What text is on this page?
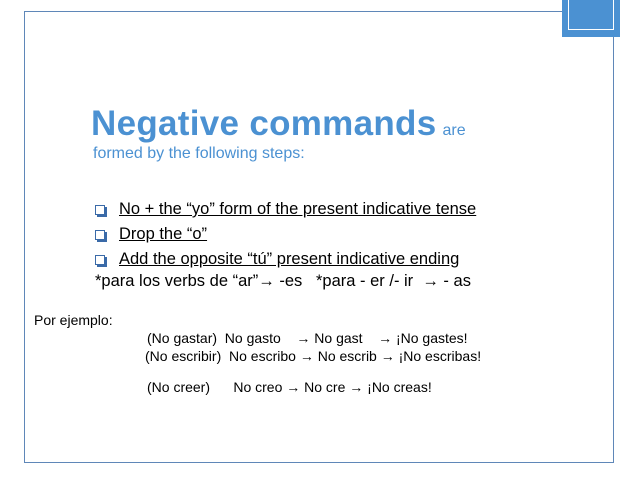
Negative commands are
formed by the following steps:
No + the “yo” form of the present indicative tense
Drop the “o”
Add the opposite “tú” present indicative ending
*para los verbs de “ar”→ -es   *para - er /- ir  → - as
Por ejemplo:
(No gastar)  No gasto    → No gast    → ¡No gastes!
(No escribir)  No escribo → No escrib → ¡No escribas!
(No creer)      No creo → No cre → ¡No creas!
